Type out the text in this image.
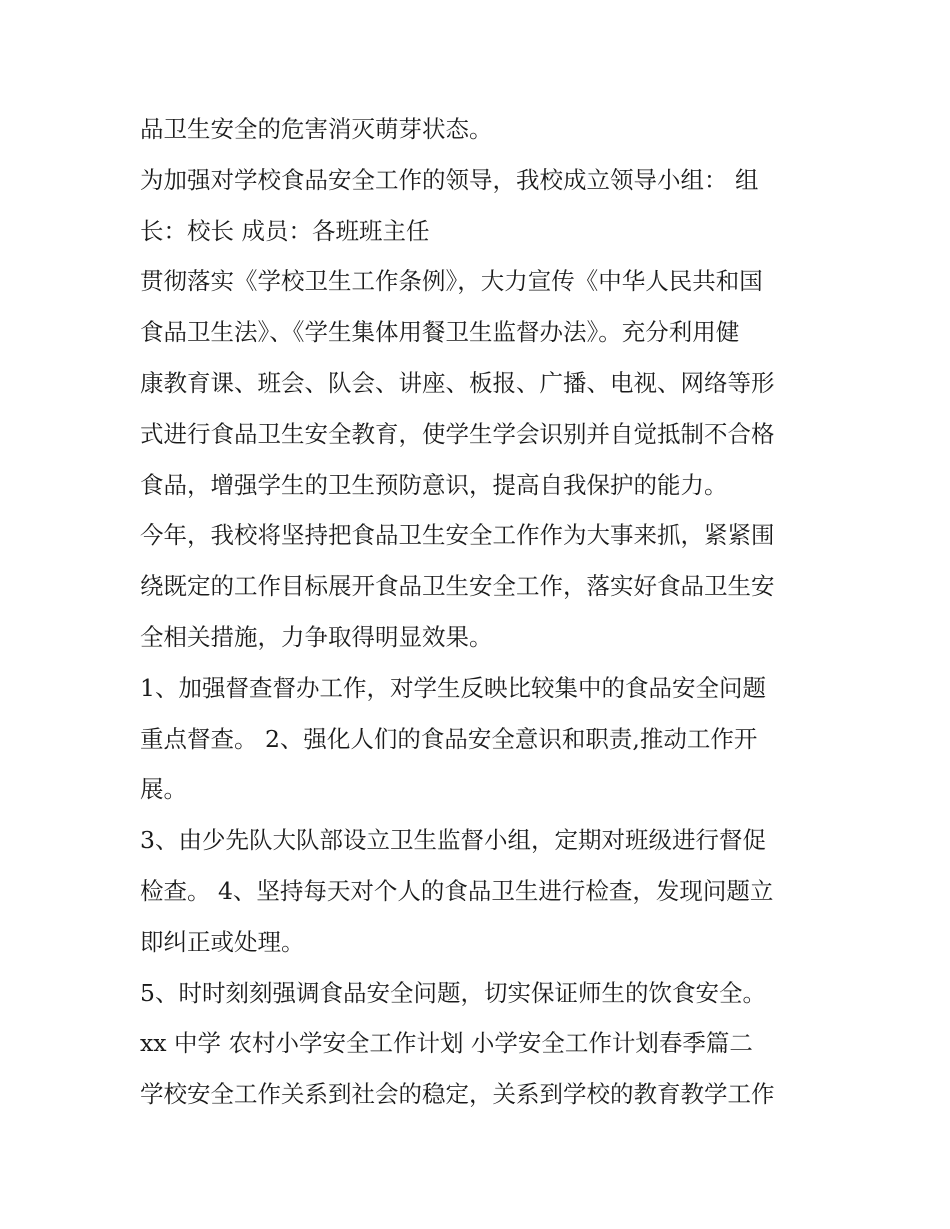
品卫生安全的危害消灭萌芽状态。
为加强对学校食品安全工作的领导，我校成立领导小组： 组
长：校长 成员：各班班主任
贯彻落实《学校卫生工作条例》，大力宣传《中华人民共和国
食品卫生法》、《学生集体用餐卫生监督办法》。充分利用健
康教育课、班会、队会、讲座、板报、广播、电视、网络等形
式进行食品卫生安全教育，使学生学会识别并自觉抵制不合格
食品，增强学生的卫生预防意识，提高自我保护的能力。
今年，我校将坚持把食品卫生安全工作作为大事来抓，紧紧围
绕既定的工作目标展开食品卫生安全工作，落实好食品卫生安
全相关措施，力争取得明显效果。
1、加强督查督办工作，对学生反映比较集中的食品安全问题
重点督查。 2、强化人们的食品安全意识和职责,推动工作开
展。
3、由少先队大队部设立卫生监督小组，定期对班级进行督促
检查。 4、坚持每天对个人的食品卫生进行检查，发现问题立
即纠正或处理。
5、时时刻刻强调食品安全问题，切实保证师生的饮食安全。
xx 中学 农村小学安全工作计划 小学安全工作计划春季篇二
学校安全工作关系到社会的稳定，关系到学校的教育教学工作
